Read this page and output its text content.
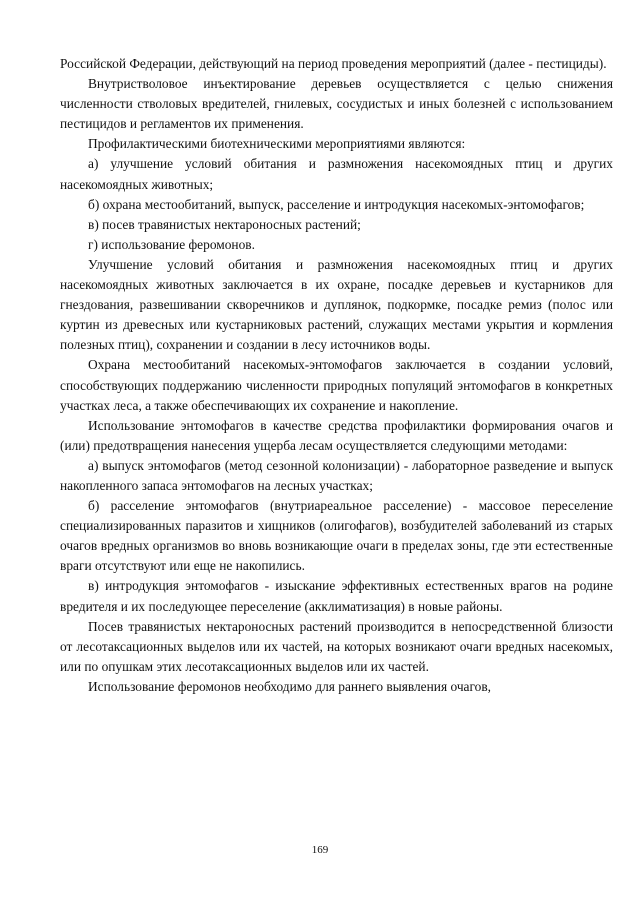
Российской Федерации, действующий на период проведения мероприятий (далее - пестициды).

Внутристволовое инъектирование деревьев осуществляется с целью снижения численности стволовых вредителей, гнилевых, сосудистых и иных болезней с использованием пестицидов и регламентов их применения.

Профилактическими биотехническими мероприятиями являются:

а) улучшение условий обитания и размножения насекомоядных птиц и других насекомоядных животных;

б) охрана местообитаний, выпуск, расселение и интродукция насекомых-энтомофагов;

в) посев травянистых нектароносных растений;

г) использование феромонов.

Улучшение условий обитания и размножения насекомоядных птиц и других насекомоядных животных заключается в их охране, посадке деревьев и кустарников для гнездования, развешивании скворечников и дуплянок, подкормке, посадке ремиз (полос или куртин из древесных или кустарниковых растений, служащих местами укрытия и кормления полезных птиц), сохранении и создании в лесу источников воды.

Охрана местообитаний насекомых-энтомофагов заключается в создании условий, способствующих поддержанию численности природных популяций энтомофагов в конкретных участках леса, а также обеспечивающих их сохранение и накопление.

Использование энтомофагов в качестве средства профилактики формирования очагов и (или) предотвращения нанесения ущерба лесам осуществляется следующими методами:

а) выпуск энтомофагов (метод сезонной колонизации) - лабораторное разведение и выпуск накопленного запаса энтомофагов на лесных участках;

б) расселение энтомофагов (внутриареальное расселение) - массовое переселение специализированных паразитов и хищников (олигофагов), возбудителей заболеваний из старых очагов вредных организмов во вновь возникающие очаги в пределах зоны, где эти естественные враги отсутствуют или еще не накопились.

в) интродукция энтомофагов - изыскание эффективных естественных врагов на родине вредителя и их последующее переселение (акклиматизация) в новые районы.

Посев травянистых нектароносных растений производится в непосредственной близости от лесотаксационных выделов или их частей, на которых возникают очаги вредных насекомых, или по опушкам этих лесотаксационных выделов или их частей.

Использование феромонов необходимо для раннего выявления очагов,

169
